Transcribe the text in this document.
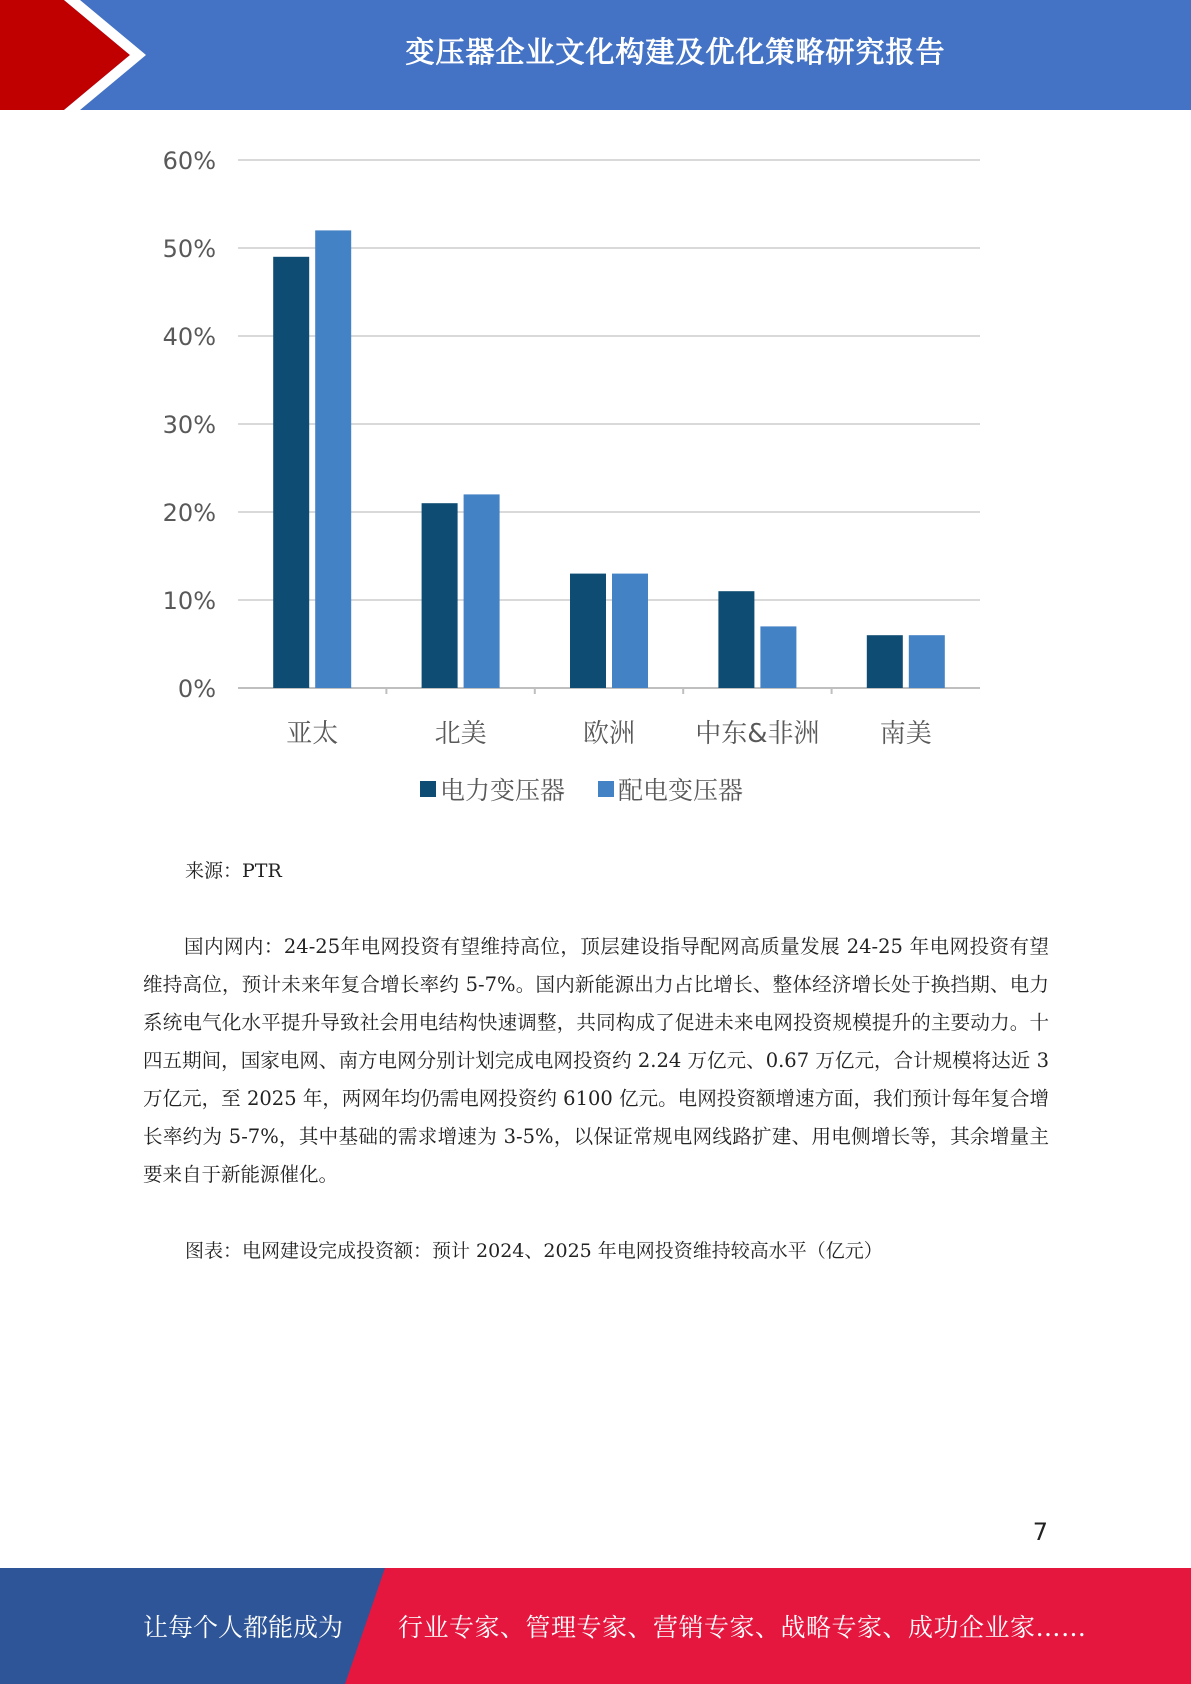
变压器企业文化构建及优化策略研究报告
0%
10%
20%
30%
40%
50%
60%
亚太	北美	欧洲 中东&非洲 南美
电力变压器 配电变压器
来源：PTR
国内网内：24-25年电网投资有望维持高位，顶层建设指导配网高质量发展 24-25 年电网投资有望维持高位，预计未来年复合增长率约 5-7%。国内新能源出力占比增长、整体经济增长处于换挡期、电力系统电气化水平提升导致社会用电结构快速调整，共同构成了促进未来电网投资规模提升的主要动力。十四五期间，国家电网、南方电网分别计划完成电网投资约 2.24 万亿元、0.67 万亿元，合计规模将达近 3 万亿元，至 2025 年，两网年均仍需电网投资约 6100 亿元。电网投资额增速方面，我们预计每年复合增长率约为 5-7%，其中基础的需求增速为 3-5%，以保证常规电网线路扩建、用电侧增长等，其余增量主要来自于新能源催化。
图表：电网建设完成投资额：预计 2024、2025 年电网投资维持较高水平（亿元）
7
让每个人都能成为 行业专家、管理专家、营销专家、战略专家、成功企业家……
